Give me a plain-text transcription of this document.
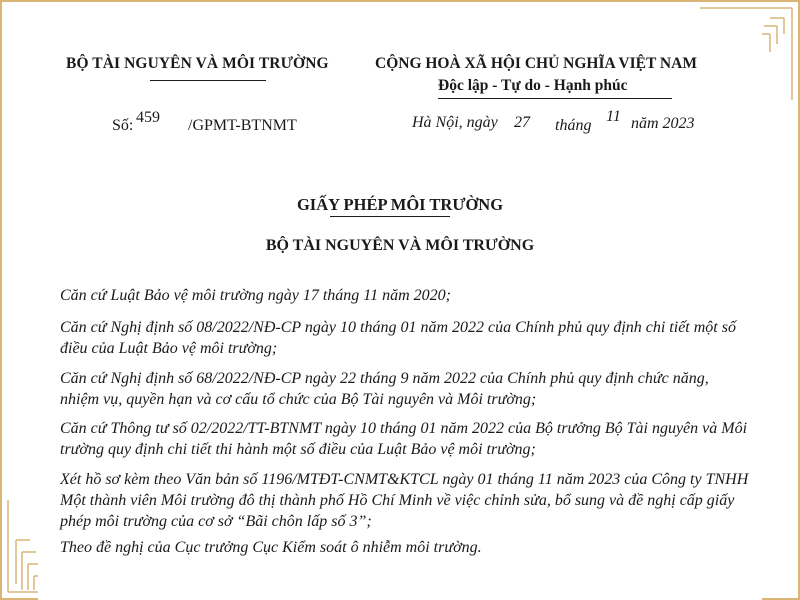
BỘ TÀI NGUYÊN VÀ MÔI TRƯỜNG	CỘNG HOÀ XÃ HỘI CHỦ NGHĨA VIỆT NAM
Độc lập - Tự do - Hạnh phúc
Số: 459 /GPMT-BTNMT	Hà Nội, ngày 27 tháng
11 năm 2023
GIẤY PHÉP MÔI TRƯỜNG
BỘ TÀI NGUYÊN VÀ MÔI TRƯỜNG
Căn cứ Luật Bảo vệ môi trường ngày 17 tháng 11 năm 2020;
Căn cứ Nghị định số 08/2022/NĐ-CP ngày 10 tháng 01 năm 2022 của Chính phủ quy định chi tiết một số điều của Luật Bảo vệ môi trường;
Căn cứ Nghị định số 68/2022/NĐ-CP ngày 22 tháng 9 năm 2022 của Chính phủ quy định chức năng, nhiệm vụ, quyền hạn và cơ cấu tổ chức của Bộ Tài nguyên và Môi trường;
Căn cứ Thông tư số 02/2022/TT-BTNMT ngày 10 tháng 01 năm 2022 của Bộ trưởng Bộ Tài nguyên và Môi trường quy định chi tiết thi hành một số điều của Luật Bảo vệ môi trường;
Xét hồ sơ kèm theo Văn bản số 1196/MTĐT-CNMT&KTCL ngày 01 tháng 11 năm 2023 của Công ty TNHH Một thành viên Môi trường đô thị thành phố Hồ Chí Minh về việc chỉnh sửa, bổ sung và đề nghị cấp giấy phép môi trường của cơ sở “Bãi chôn lấp số 3”;
Theo đề nghị của Cục trưởng Cục Kiểm soát ô nhiễm môi trường.
